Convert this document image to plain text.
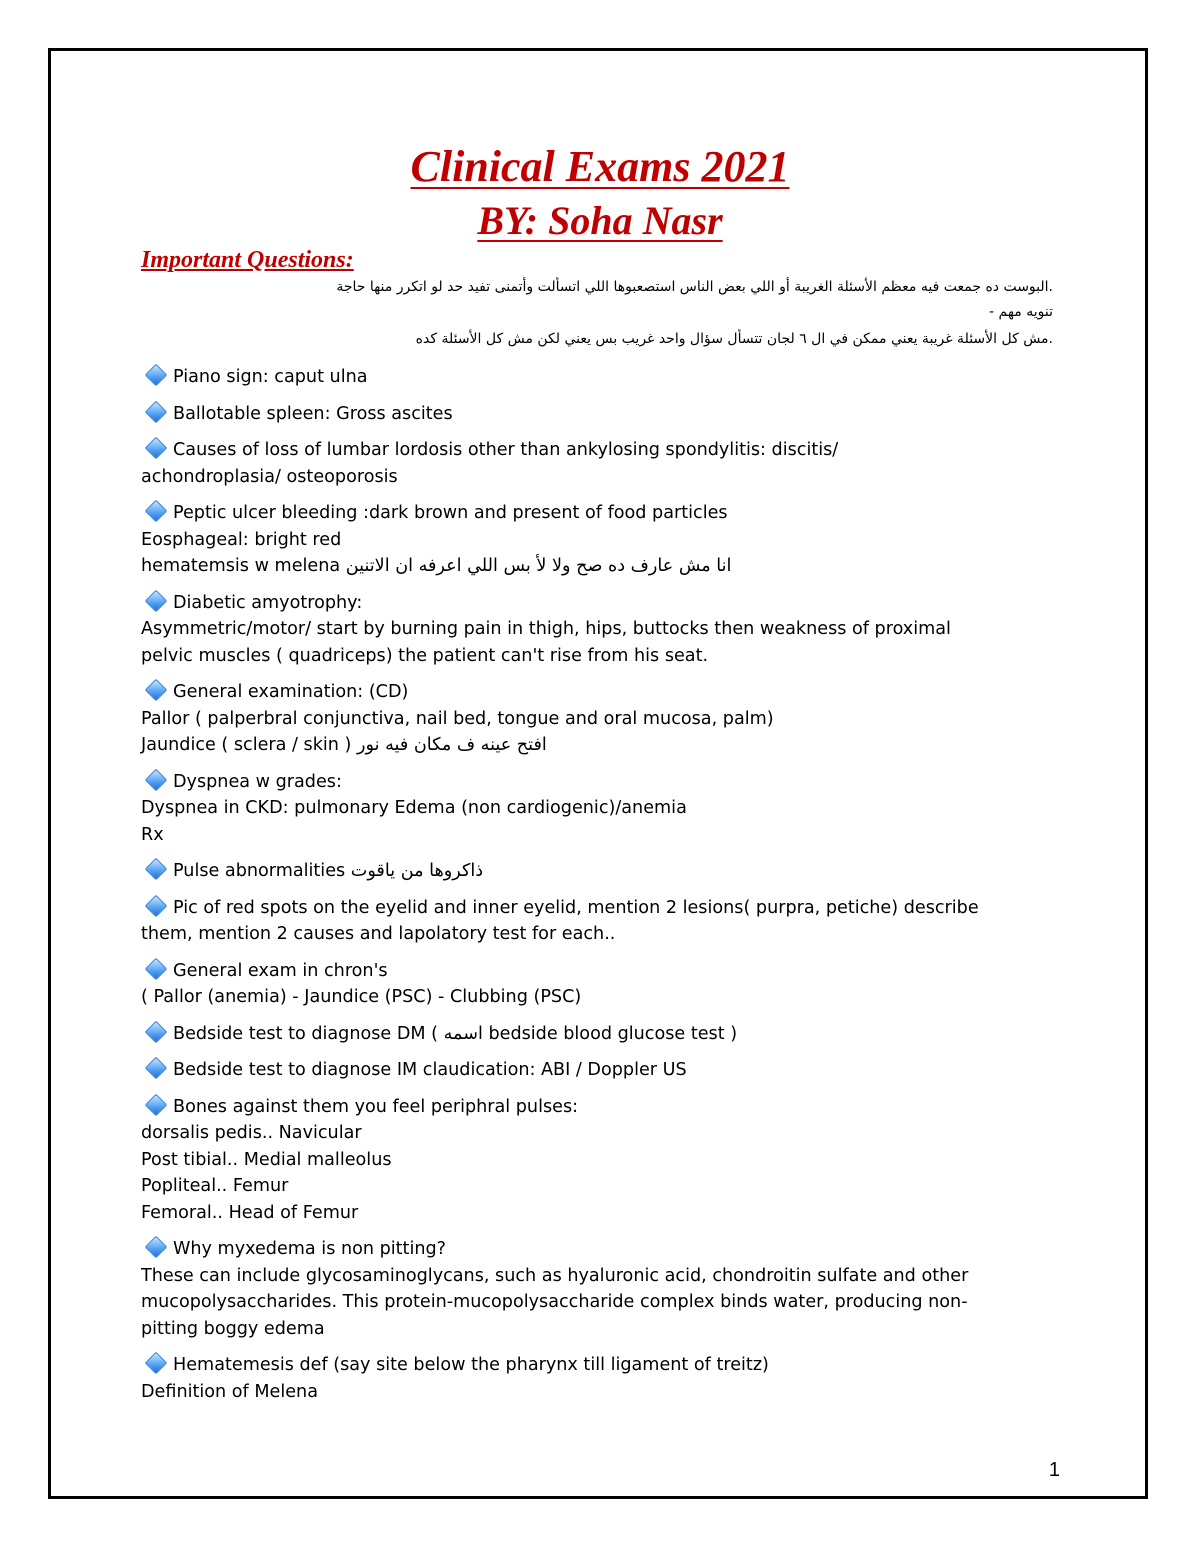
Clinical Exams 2021
BY: Soha Nasr
Important Questions:
.البوست ده جمعت فيه معظم الأسئلة الغريبة أو اللي بعض الناس استصعبوها اللي اتسألت وأتمنى تفيد حد لو اتكرر منها حاجة
تنويه مهم -
.مش كل الأسئلة غريبة يعني ممكن في ال ٦ لجان تتسأل سؤال واحد غريب بس يعني لكن مش كل الأسئلة كده
Piano sign: caput ulna
Ballotable spleen: Gross ascites
Causes of loss of lumbar lordosis other than ankylosing spondylitis: discitis/
achondroplasia/ osteoporosis
Peptic ulcer bleeding :dark brown and present of food particles
Eosphageal: bright red
hematemsis w melena انا مش عارف ده صح ولا لأ بس اللي اعرفه ان الاتنين
Diabetic amyotrophy:
Asymmetric/motor/ start by burning pain in thigh, hips, buttocks then weakness of proximal
pelvic muscles ( quadriceps) the patient can't rise from his seat.
General examination: (CD)
Pallor ( palperbral conjunctiva, nail bed, tongue and oral mucosa, palm)
Jaundice ( sclera / skin ) افتح عينه ف مكان فيه نور
Dyspnea w grades:
Dyspnea in CKD: pulmonary Edema (non cardiogenic)/anemia
Rx
Pulse abnormalities ذاكروها من ياقوت
Pic of red spots on the eyelid and inner eyelid, mention 2 lesions( purpra, petiche) describe
them, mention 2 causes and lapolatory test for each..
General exam in chron's
( Pallor (anemia) - Jaundice (PSC) - Clubbing (PSC)
Bedside test to diagnose DM ( اسمه bedside blood glucose test )
Bedside test to diagnose IM claudication: ABI / Doppler US
Bones against them you feel periphral pulses:
dorsalis pedis.. Navicular
Post tibial.. Medial malleolus
Popliteal.. Femur
Femoral.. Head of Femur
Why myxedema is non pitting?
These can include glycosaminoglycans, such as hyaluronic acid, chondroitin sulfate and other
mucopolysaccharides. This protein-mucopolysaccharide complex binds water, producing non-
pitting boggy edema
Hematemesis def (say site below the pharynx till ligament of treitz)
Definition of Melena
1
